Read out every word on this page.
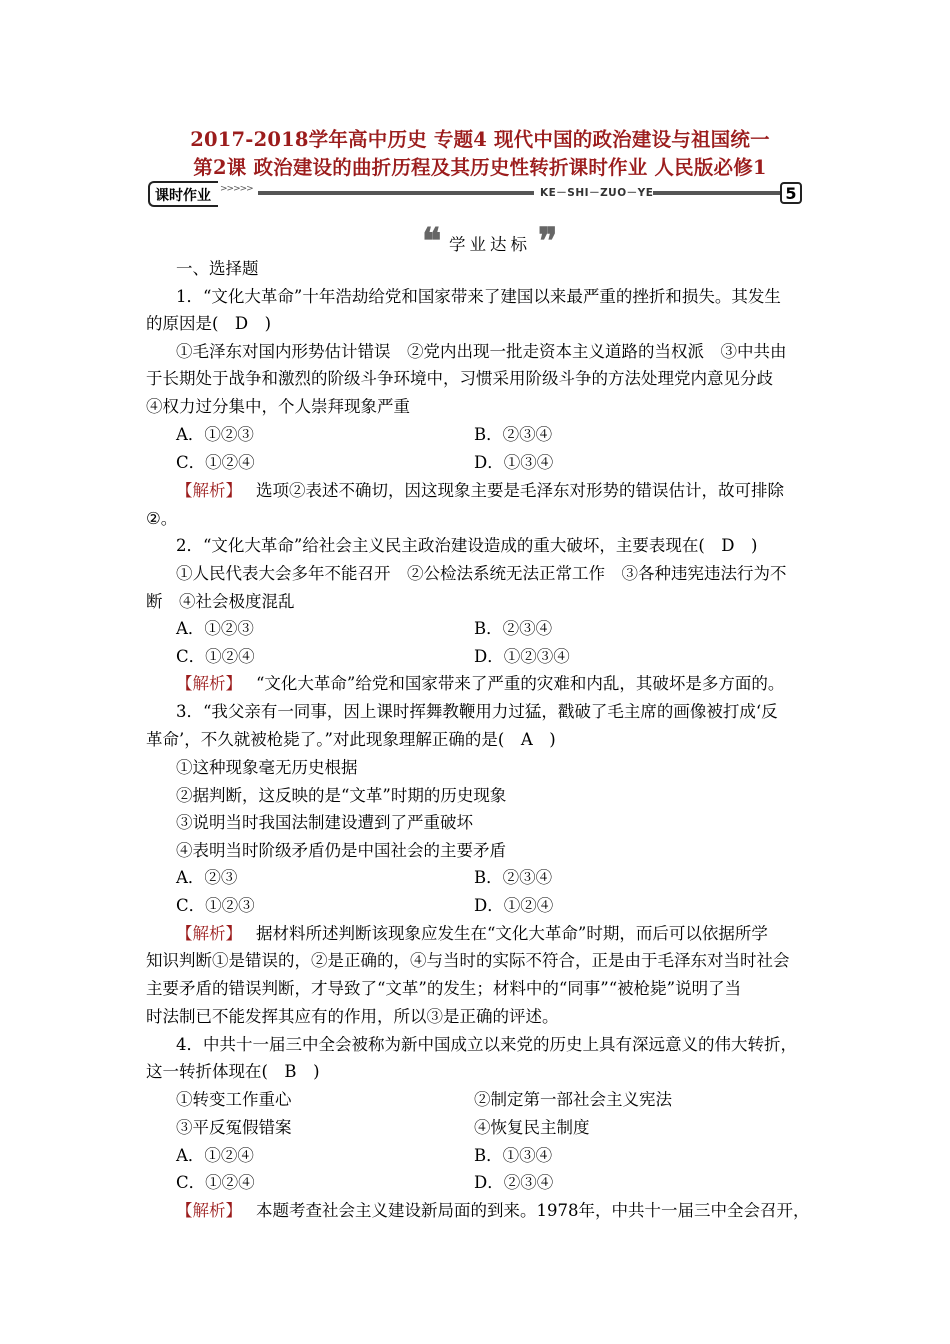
2017-2018学年高中历史 专题4 现代中国的政治建设与祖国统一
第2课 政治建设的曲折历程及其历史性转折课时作业 人民版必修1
课时作业	>>>>>	KE－SHI－ZUO－YE	5
❝ 学业达标 ❞
一、选择题
1．“文化大革命”十年浩劫给党和国家带来了建国以来最严重的挫折和损失。其发生
的原因是(　D　)
①毛泽东对国内形势估计错误　②党内出现一批走资本主义道路的当权派　③中共由
于长期处于战争和激烈的阶级斗争环境中，习惯采用阶级斗争的方法处理党内意见分歧
④权力过分集中，个人崇拜现象严重
A．①②③	B．②③④
C．①②④	D．①③④
【解析】 选项②表述不确切，因这现象主要是毛泽东对形势的错误估计，故可排除
②。
2．“文化大革命”给社会主义民主政治建设造成的重大破坏，主要表现在(　D　)
①人民代表大会多年不能召开　②公检法系统无法正常工作　③各种违宪违法行为不
断　④社会极度混乱
A．①②③	B．②③④
C．①②④	D．①②③④
【解析】 “文化大革命”给党和国家带来了严重的灾难和内乱，其破坏是多方面的。
3．“我父亲有一同事，因上课时挥舞教鞭用力过猛，戳破了毛主席的画像被打成‘反
革命’，不久就被枪毙了。”对此现象理解正确的是(　A　)
①这种现象毫无历史根据
②据判断，这反映的是“文革”时期的历史现象
③说明当时我国法制建设遭到了严重破坏
④表明当时阶级矛盾仍是中国社会的主要矛盾
A．②③	B．②③④
C．①②③	D．①②④
【解析】 据材料所述判断该现象应发生在“文化大革命”时期，而后可以依据所学
知识判断①是错误的，②是正确的，④与当时的实际不符合，正是由于毛泽东对当时社会
主要矛盾的错误判断，才导致了“文革”的发生；材料中的“同事”“被枪毙”说明了当
时法制已不能发挥其应有的作用，所以③是正确的评述。
4．中共十一届三中全会被称为新中国成立以来党的历史上具有深远意义的伟大转折，
这一转折体现在(　B　)
①转变工作重心	②制定第一部社会主义宪法
③平反冤假错案	④恢复民主制度
A．①②④	B．①③④
C．①②④	D．②③④
【解析】 本题考查社会主义建设新局面的到来。1978年，中共十一届三中全会召开，
